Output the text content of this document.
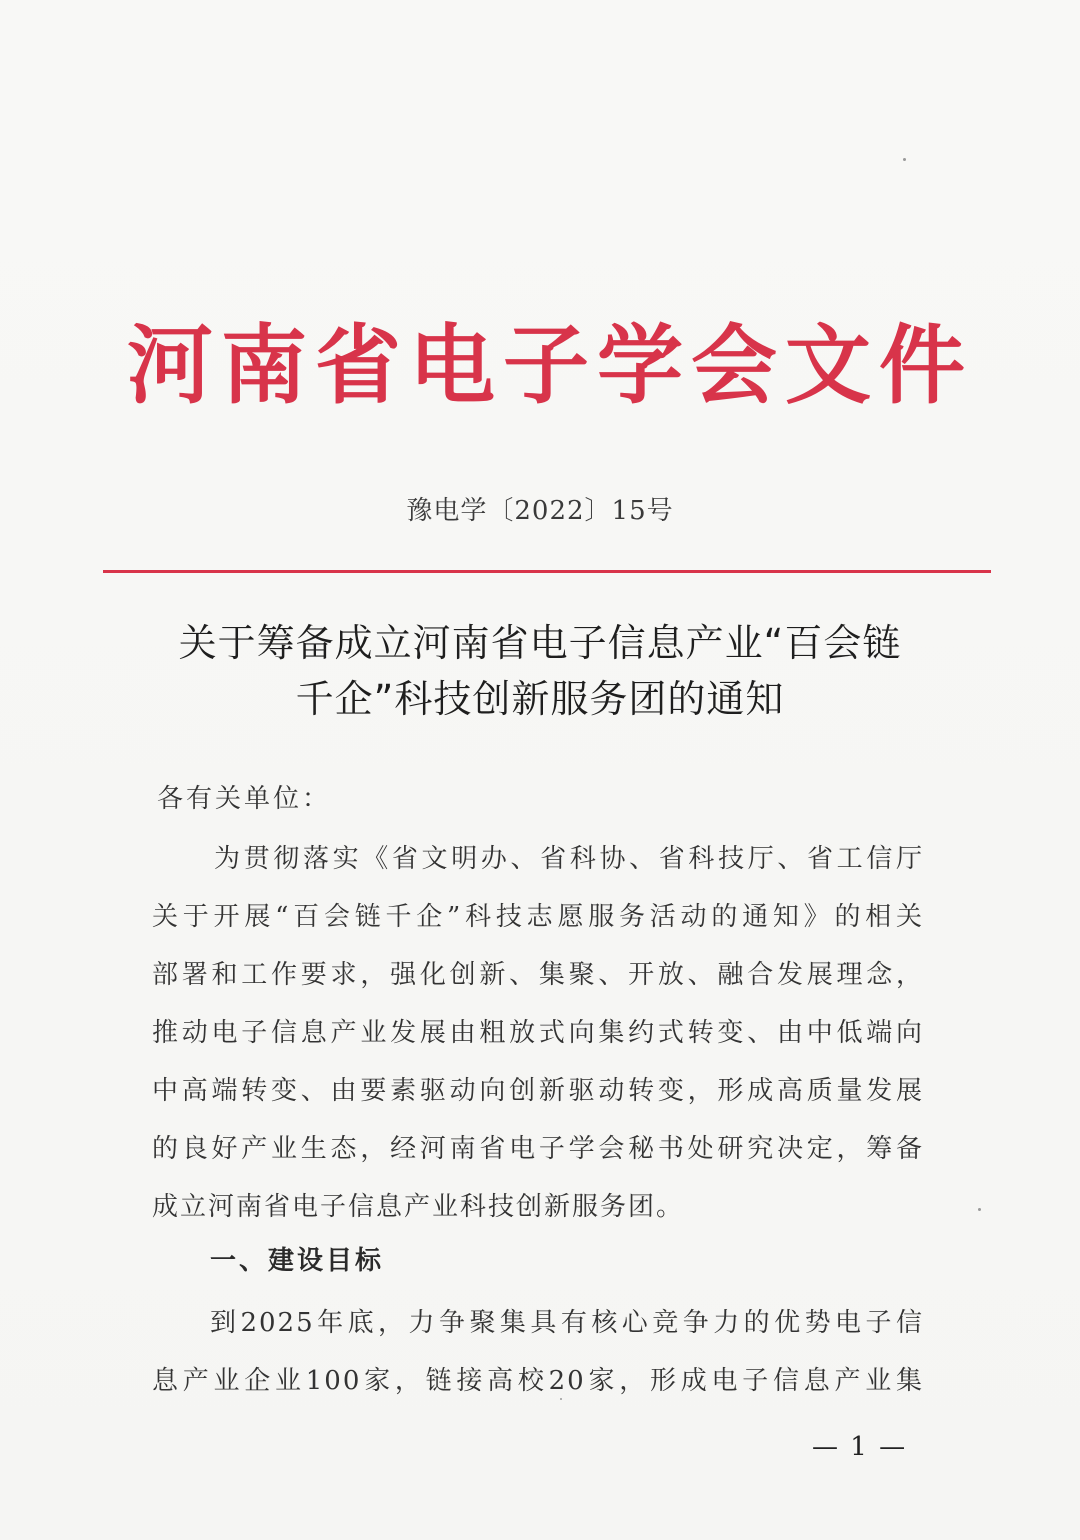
河南省电子学会文件
豫电学〔2022〕15号
关于筹备成立河南省电子信息产业“百会链
千企”科技创新服务团的通知
各有关单位：
为贯彻落实《省文明办、省科协、省科技厅、省工信厅
关于开展“百会链千企”科技志愿服务活动的通知》的相关
部署和工作要求，强化创新、集聚、开放、融合发展理念，
推动电子信息产业发展由粗放式向集约式转变、由中低端向
中高端转变、由要素驱动向创新驱动转变，形成高质量发展
的良好产业生态，经河南省电子学会秘书处研究决定，筹备
成立河南省电子信息产业科技创新服务团。
一、建设目标
到2025年底，力争聚集具有核心竞争力的优势电子信
息产业企业100家，链接高校20家，形成电子信息产业集
— 1 —
